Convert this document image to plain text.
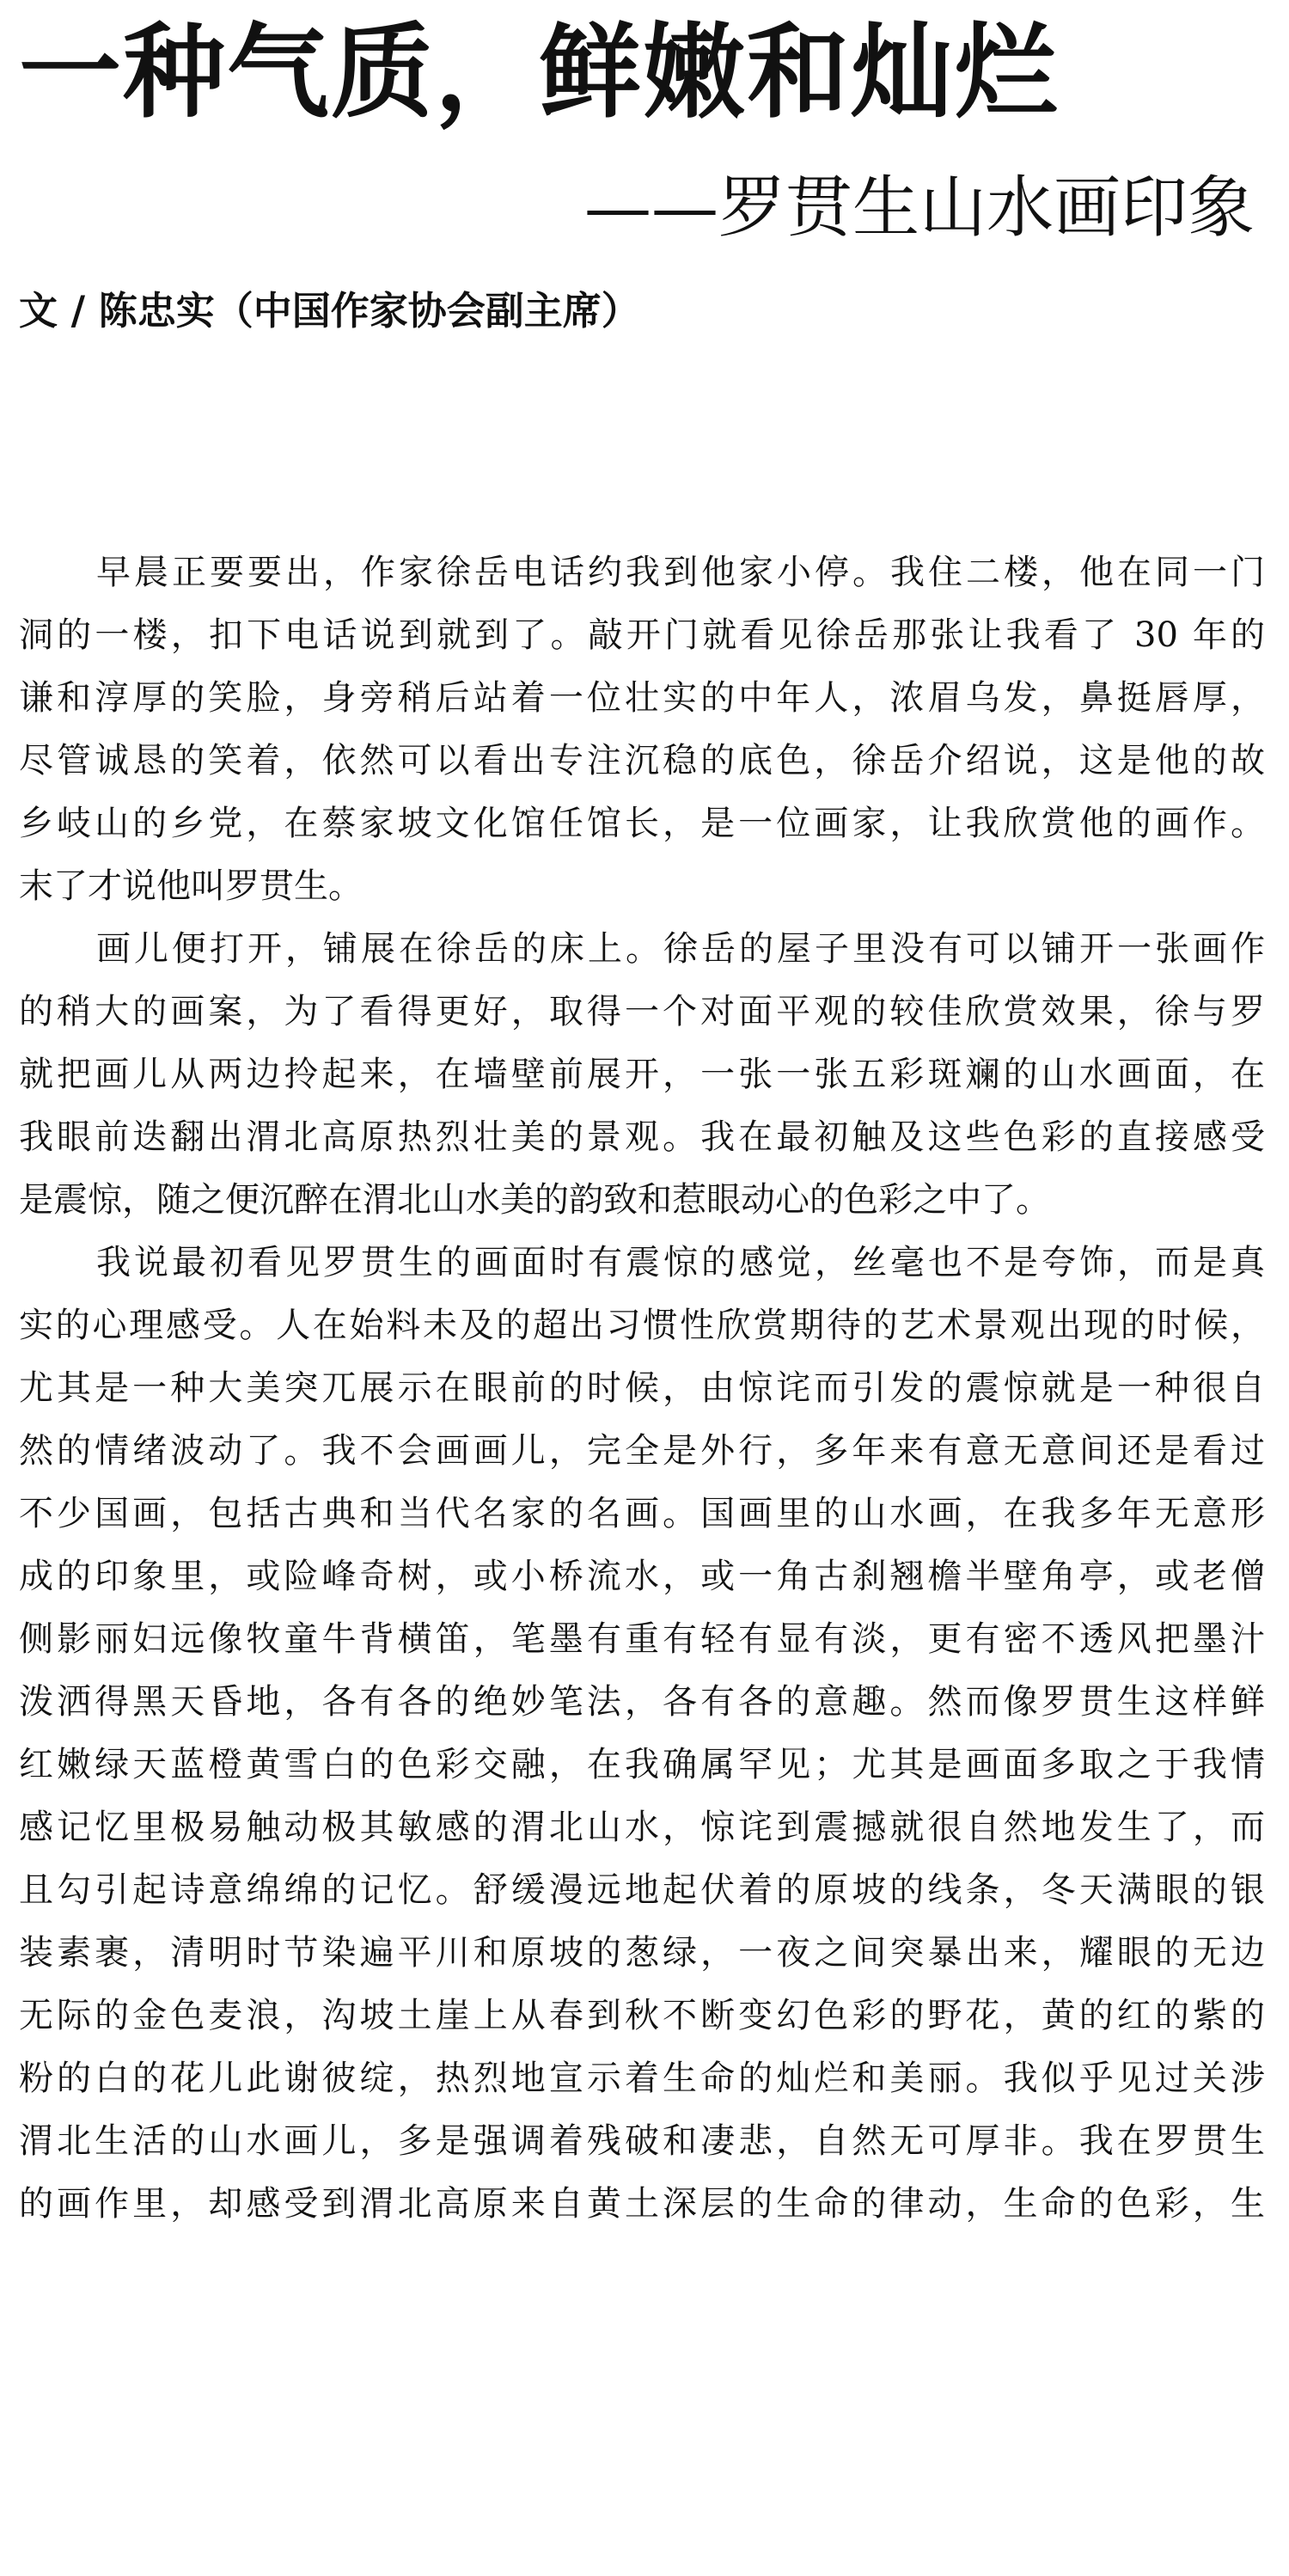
一种气质，鲜嫩和灿烂
——罗贯生山水画印象
文 / 陈忠实（中国作家协会副主席）
早晨正要要出，作家徐岳电话约我到他家小停。我住二楼，他在同一门
洞的一楼，扣下电话说到就到了。敲开门就看见徐岳那张让我看了 30 年的
谦和淳厚的笑脸，身旁稍后站着一位壮实的中年人，浓眉乌发，鼻挺唇厚，
尽管诚恳的笑着，依然可以看出专注沉稳的底色，徐岳介绍说，这是他的故
乡岐山的乡党，在蔡家坡文化馆任馆长，是一位画家，让我欣赏他的画作。
末了才说他叫罗贯生。
画儿便打开，铺展在徐岳的床上。徐岳的屋子里没有可以铺开一张画作
的稍大的画案，为了看得更好，取得一个对面平观的较佳欣赏效果，徐与罗
就把画儿从两边拎起来，在墙壁前展开，一张一张五彩斑斓的山水画面，在
我眼前迭翻出渭北高原热烈壮美的景观。我在最初触及这些色彩的直接感受
是震惊，随之便沉醉在渭北山水美的韵致和惹眼动心的色彩之中了。
我说最初看见罗贯生的画面时有震惊的感觉，丝毫也不是夸饰，而是真
实的心理感受。人在始料未及的超出习惯性欣赏期待的艺术景观出现的时候，
尤其是一种大美突兀展示在眼前的时候，由惊诧而引发的震惊就是一种很自
然的情绪波动了。我不会画画儿，完全是外行，多年来有意无意间还是看过
不少国画，包括古典和当代名家的名画。国画里的山水画，在我多年无意形
成的印象里，或险峰奇树，或小桥流水，或一角古刹翘檐半壁角亭，或老僧
侧影丽妇远像牧童牛背横笛，笔墨有重有轻有显有淡，更有密不透风把墨汁
泼洒得黑天昏地，各有各的绝妙笔法，各有各的意趣。然而像罗贯生这样鲜
红嫩绿天蓝橙黄雪白的色彩交融，在我确属罕见；尤其是画面多取之于我情
感记忆里极易触动极其敏感的渭北山水，惊诧到震撼就很自然地发生了，而
且勾引起诗意绵绵的记忆。舒缓漫远地起伏着的原坡的线条，冬天满眼的银
装素裹，清明时节染遍平川和原坡的葱绿，一夜之间突暴出来，耀眼的无边
无际的金色麦浪，沟坡土崖上从春到秋不断变幻色彩的野花，黄的红的紫的
粉的白的花儿此谢彼绽，热烈地宣示着生命的灿烂和美丽。我似乎见过关涉
渭北生活的山水画儿，多是强调着残破和凄悲，自然无可厚非。我在罗贯生
的画作里，却感受到渭北高原来自黄土深层的生命的律动，生命的色彩，生
